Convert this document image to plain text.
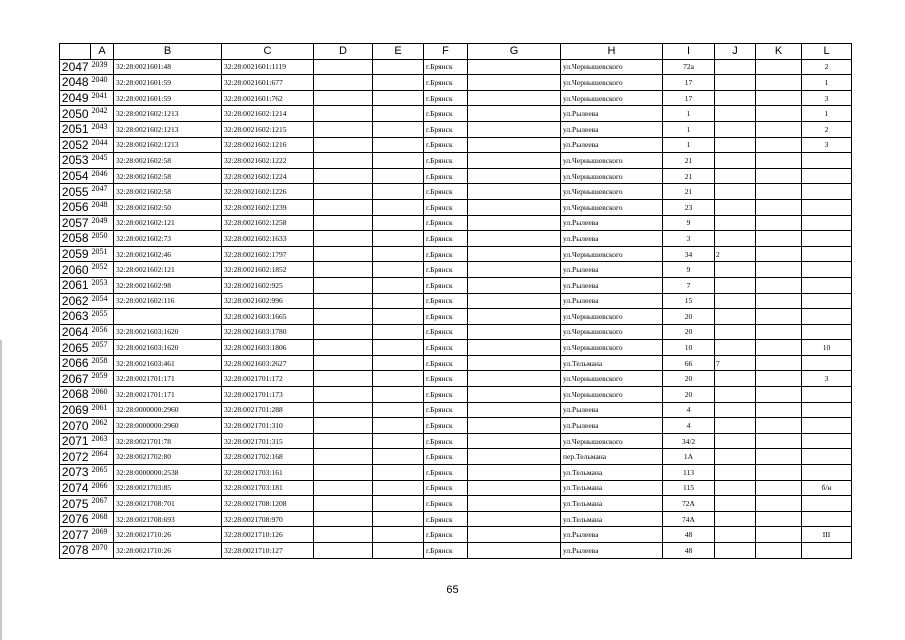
	A	B	C	D	E	F	G	H	I	J	K	L
2047	2039	32:28:0021601:48	32:28:0021601:1119			г.Брянск		ул.Чернышевского	72а			2
2048	2040	32:28:0021601:59	32:28:0021601:677			г.Брянск		ул.Чернышевского	17			1
2049	2041	32:28:0021601:59	32:28:0021601:762			г.Брянск		ул.Чернышевского	17			3
2050	2042	32:28:0021602:1213	32:28:0021602:1214			г.Брянск		ул.Рылеева	1			1
2051	2043	32:28:0021602:1213	32:28:0021602:1215			г.Брянск		ул.Рылеева	1			2
2052	2044	32:28:0021602:1213	32:28:0021602:1216			г.Брянск		ул.Рылеева	1			3
2053	2045	32:28:0021602:58	32:28:0021602:1222			г.Брянск		ул.Чернышевского	21			
2054	2046	32:28:0021602:58	32:28:0021602:1224			г.Брянск		ул.Чернышевского	21			
2055	2047	32:28:0021602:58	32:28:0021602:1226			г.Брянск		ул.Чернышевского	21			
2056	2048	32:28:0021602:50	32:28:0021602:1239			г.Брянск		ул.Чернышевского	23			
2057	2049	32:28:0021602:121	32:28:0021602:1258			г.Брянск		ул.Рылеева	9			
2058	2050	32:28:0021602:73	32:28:0021602:1633			г.Брянск		ул.Рылеева	3			
2059	2051	32:28:0021602:46	32:28:0021602:1797			г.Брянск		ул.Чернышевского	34	2		
2060	2052	32:28:0021602:121	32:28:0021602:1852			г.Брянск		ул.Рылеева	9			
2061	2053	32:28:0021602:98	32:28:0021602:925			г.Брянск		ул.Рылеева	7			
2062	2054	32:28:0021602:116	32:28:0021602:996			г.Брянск		ул.Рылеева	15			
2063	2055		32:28:0021603:1665			г.Брянск		ул.Чернышевского	20			
2064	2056	32:28:0021603:1620	32:28:0021603:1780			г.Брянск		ул.Чернышевского	20			
2065	2057	32:28:0021603:1620	32:28:0021603:1806			г.Брянск		ул.Чернышевского	10			10
2066	2058	32:28:0021603:461	32:28:0021603:2627			г.Брянск		ул.Тельмана	66	7		
2067	2059	32:28:0021701:171	32:28:0021701:172			г.Брянск		ул.Чернышевского	20			3
2068	2060	32:28:0021701:171	32:28:0021701:173			г.Брянск		ул.Чернышевского	20			
2069	2061	32:28:0000000:2960	32:28:0021701:288			г.Брянск		ул.Рылеева	4			
2070	2062	32:28:0000000:2960	32:28:0021701:310			г.Брянск		ул.Рылеева	4			
2071	2063	32:28:0021701:78	32:28:0021701:315			г.Брянск		ул.Чернышевского	34/2			
2072	2064	32:28:0021702:80	32:28:0021702:168			г.Брянск		пер.Тельмана	1А			
2073	2065	32:28:0000000:2538	32:28:0021703:161			г.Брянск		ул.Тельмана	113			
2074	2066	32:28:0021703:85	32:28:0021703:181			г.Брянск		ул.Тельмана	115			б/н
2075	2067	32:28:0021708:701	32:28:0021708:1208			г.Брянск		ул.Тельмана	72А			
2076	2068	32:28:0021708:693	32:28:0021708:970			г.Брянск		ул.Тельмана	74А			
2077	2069	32:28:0021710:26	32:28:0021710:126			г.Брянск		ул.Рылеева	48			III
2078	2070	32:28:0021710:26	32:28:0021710:127			г.Брянск		ул.Рылеева	48			
65
